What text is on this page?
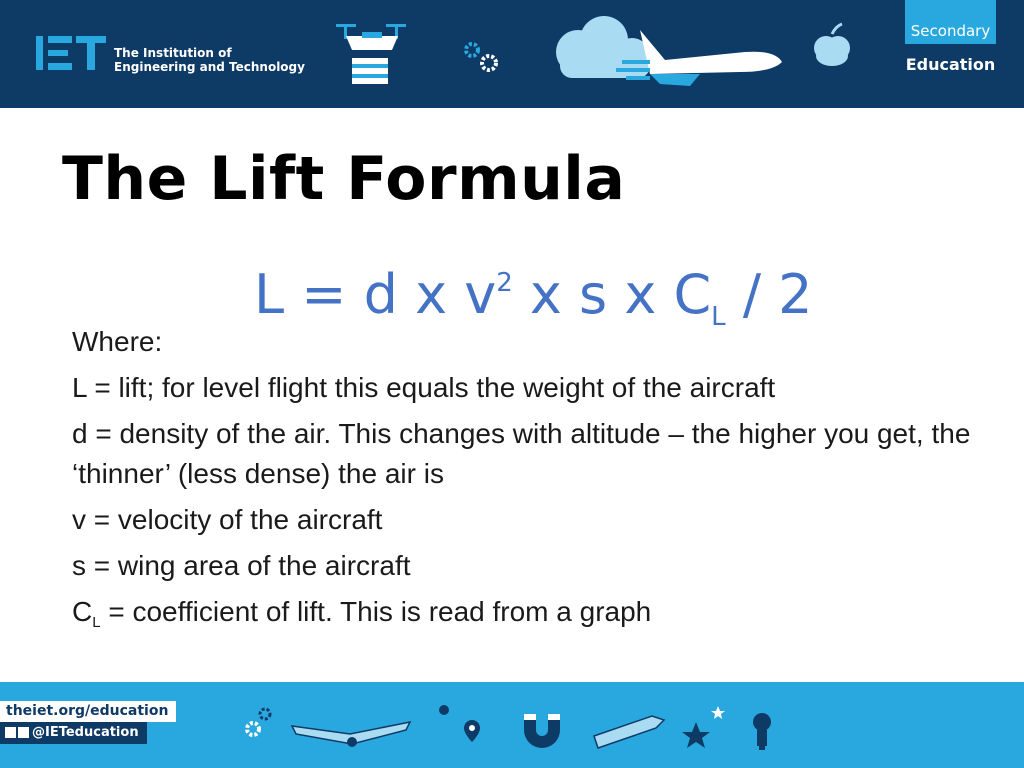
The Institution of
Engineering and Technology
Secondary
Education
The Lift Formula
L = d x $v^2$ x s x $C_L / 2$

Where:

L = lift; for level flight this equals the weight of the aircraft

d = density of the air. This changes with altitude – the higher you get, the ‘thinner’ (less dense) the air is

v = velocity of the aircraft

s = wing area of the aircraft

$C_L$ = coefficient of lift. This is read from a graph

theiet.org/education
@IETeducation
